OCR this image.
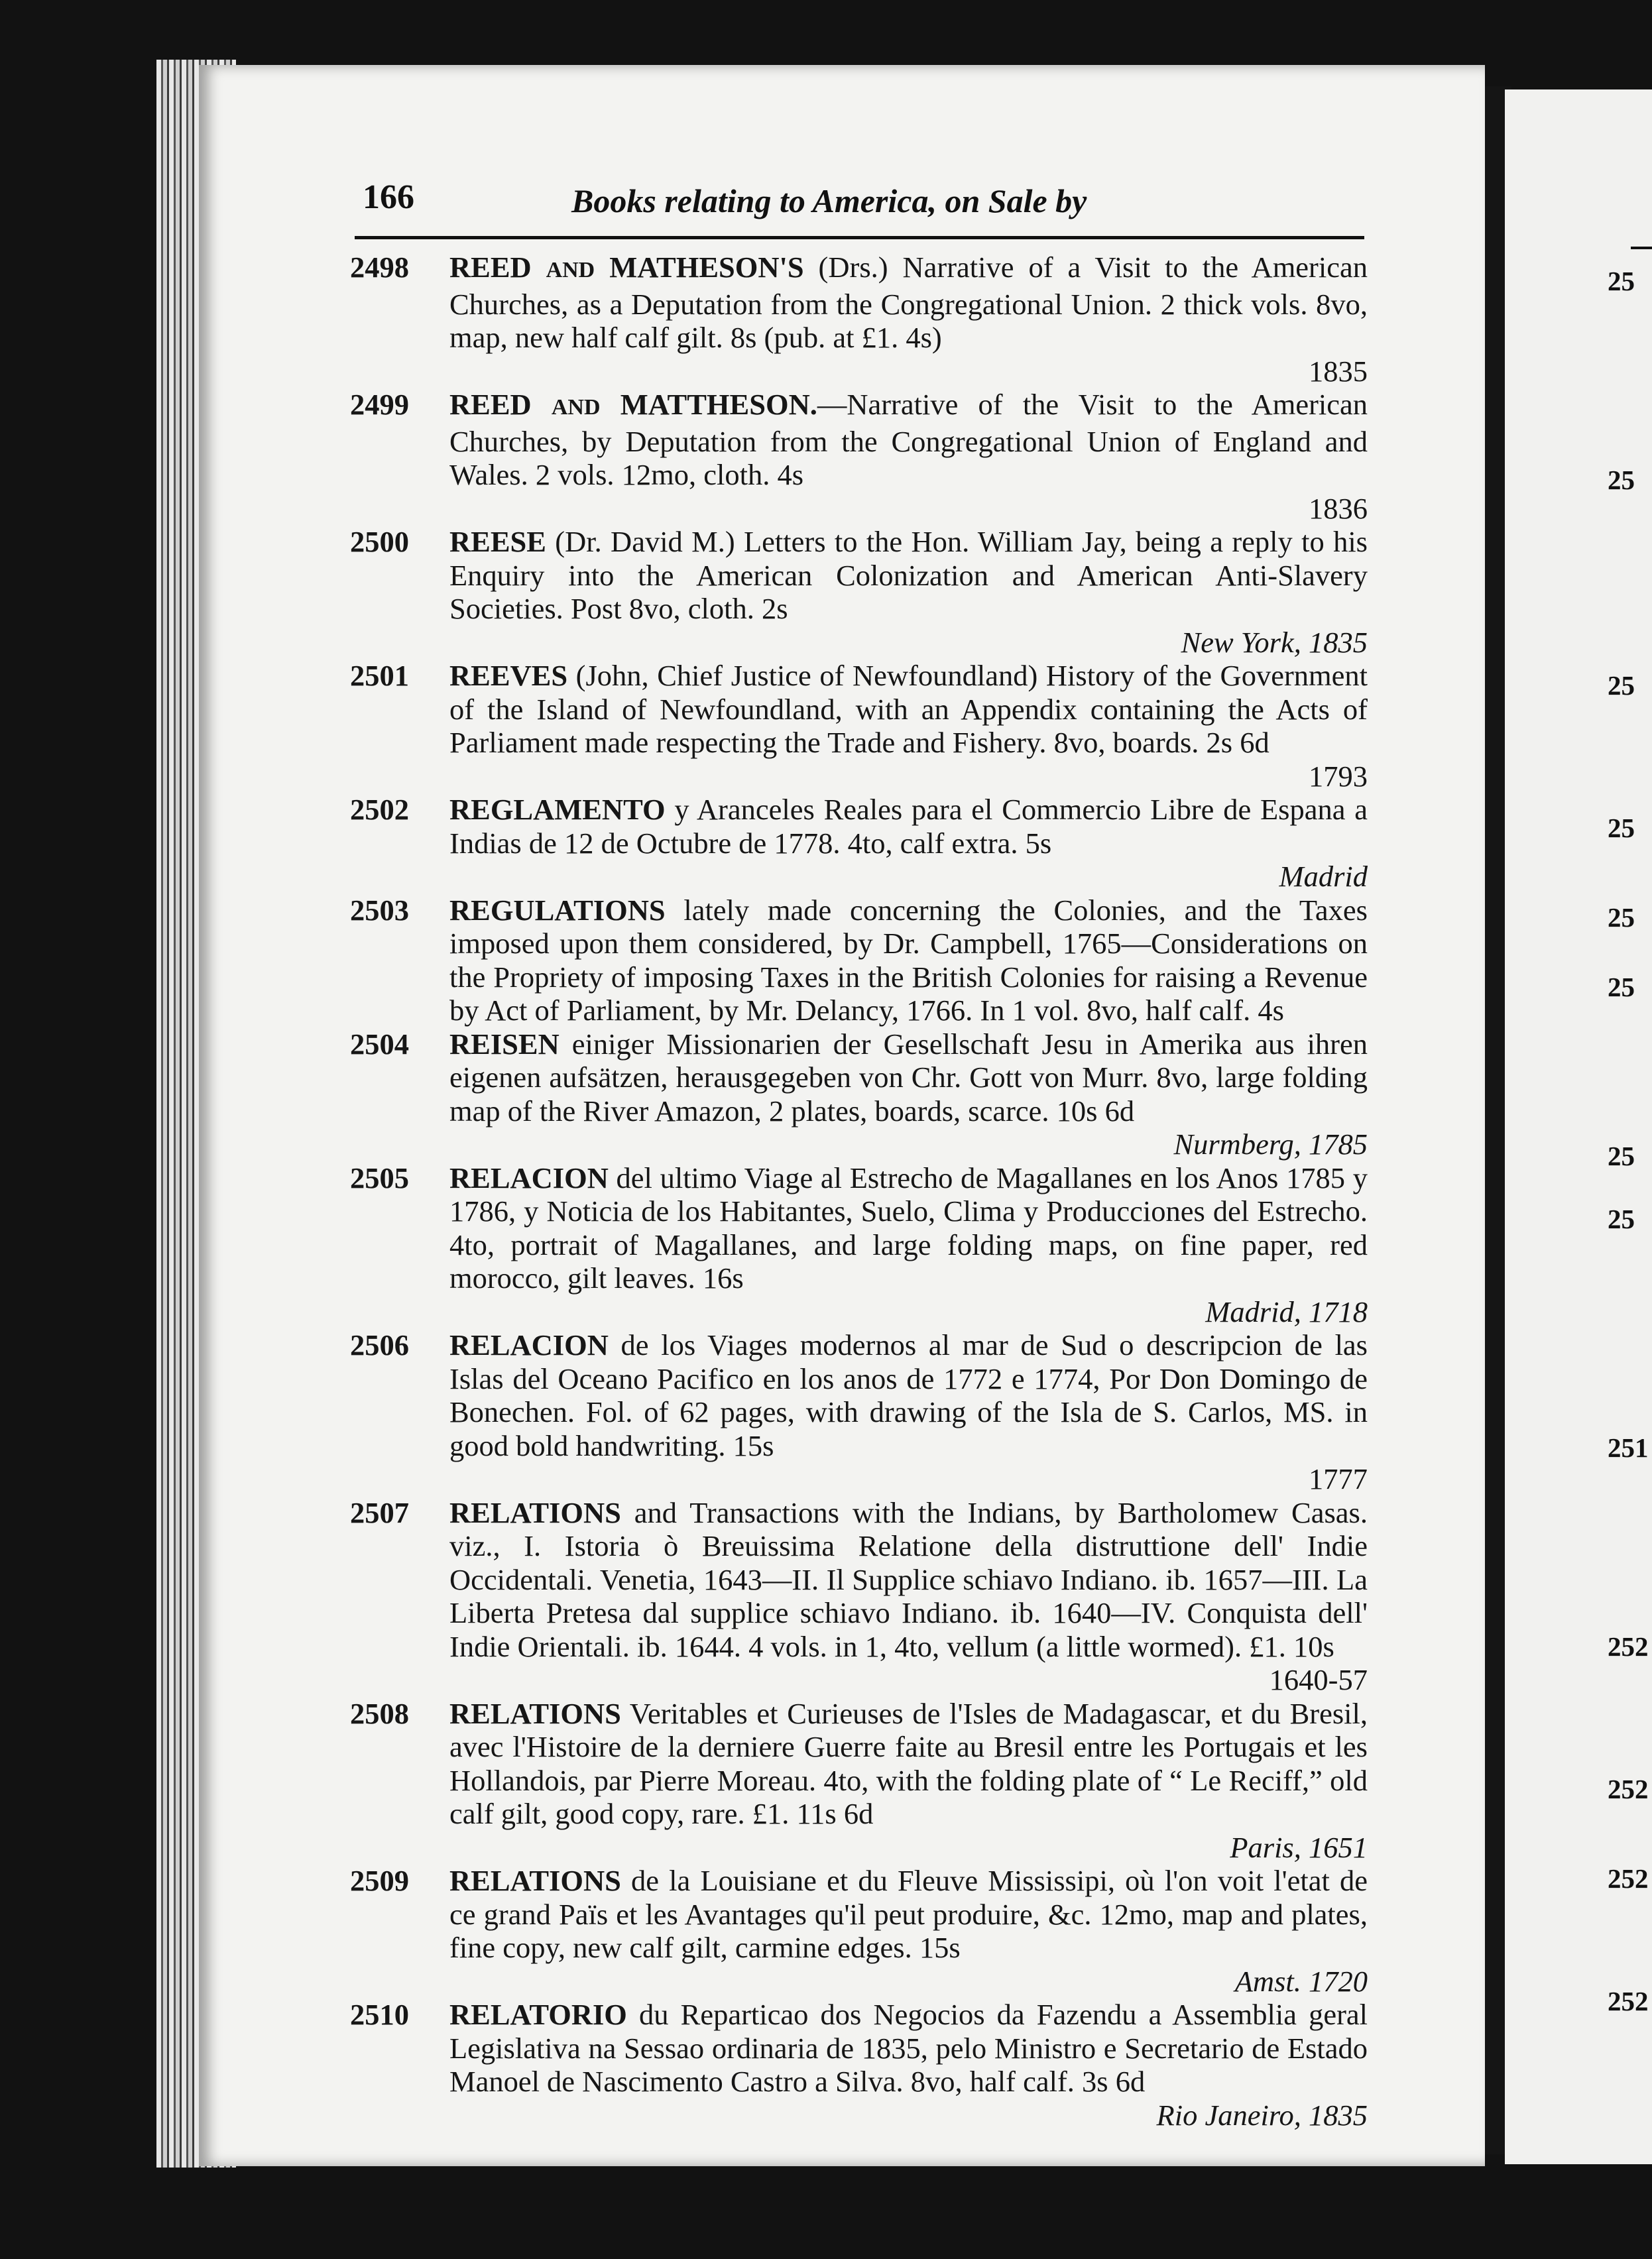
25
25
25
25
25
25
25
25
251
252
252
252
252
166	Books relating to America, on Sale by
2498	REED AND MATHESON'S (Drs.) Narrative of a Visit to the American Churches, as a Deputation from the Congregational Union. 2 thick vols. 8vo, map, new half calf gilt. 8s (pub. at £1. 4s)
1835
2499	REED AND MATTHESON.—Narrative of the Visit to the American Churches, by Deputation from the Congregational Union of England and Wales. 2 vols. 12mo, cloth. 4s
1836
2500	REESE (Dr. David M.) Letters to the Hon. William Jay, being a reply to his Enquiry into the American Colonization and American Anti-Slavery Societies. Post 8vo, cloth. 2s
New York, 1835
2501	REEVES (John, Chief Justice of Newfoundland) History of the Government of the Island of Newfoundland, with an Appendix containing the Acts of Parliament made respecting the Trade and Fishery. 8vo, boards. 2s 6d
1793
2502	REGLAMENTO y Aranceles Reales para el Commercio Libre de Espana a Indias de 12 de Octubre de 1778. 4to, calf extra. 5s
Madrid
2503	REGULATIONS lately made concerning the Colonies, and the Taxes imposed upon them considered, by Dr. Campbell, 1765—Considerations on the Propriety of imposing Taxes in the British Colonies for raising a Revenue by Act of Parliament, by Mr. Delancy, 1766. In 1 vol. 8vo, half calf. 4s
2504	REISEN einiger Missionarien der Gesellschaft Jesu in Amerika aus ihren eigenen aufsätzen, herausgegeben von Chr. Gott von Murr. 8vo, large folding map of the River Amazon, 2 plates, boards, scarce. 10s 6d
Nurmberg, 1785
2505	RELACION del ultimo Viage al Estrecho de Magallanes en los Anos 1785 y 1786, y Noticia de los Habitantes, Suelo, Clima y Producciones del Estrecho. 4to, portrait of Magallanes, and large folding maps, on fine paper, red morocco, gilt leaves. 16s
Madrid, 1718
2506	RELACION de los Viages modernos al mar de Sud o descripcion de las Islas del Oceano Pacifico en los anos de 1772 e 1774, Por Don Domingo de Bonechen. Fol. of 62 pages, with drawing of the Isla de S. Carlos, MS. in good bold handwriting. 15s
1777
2507	RELATIONS and Transactions with the Indians, by Bartholomew Casas. viz., I. Istoria ò Breuissima Relatione della distruttione dell' Indie Occidentali. Venetia, 1643—II. Il Supplice schiavo Indiano. ib. 1657—III. La Liberta Pretesa dal supplice schiavo Indiano. ib. 1640—IV. Conquista dell' Indie Orientali. ib. 1644. 4 vols. in 1, 4to, vellum (a little wormed). £1. 10s
1640-57
2508	RELATIONS Veritables et Curieuses de l'Isles de Madagascar, et du Bresil, avec l'Histoire de la derniere Guerre faite au Bresil entre les Portugais et les Hollandois, par Pierre Moreau. 4to, with the folding plate of “ Le Reciff,” old calf gilt, good copy, rare. £1. 11s 6d
Paris, 1651
2509	RELATIONS de la Louisiane et du Fleuve Mississipi, où l'on voit l'etat de ce grand Païs et les Avantages qu'il peut produire, &c. 12mo, map and plates, fine copy, new calf gilt, carmine edges. 15s
Amst. 1720
2510	RELATORIO du Reparticao dos Negocios da Fazendu a Assemblia geral Legislativa na Sessao ordinaria de 1835, pelo Ministro e Secretario de Estado Manoel de Nascimento Castro a Silva. 8vo, half calf. 3s 6d
Rio Janeiro, 1835
